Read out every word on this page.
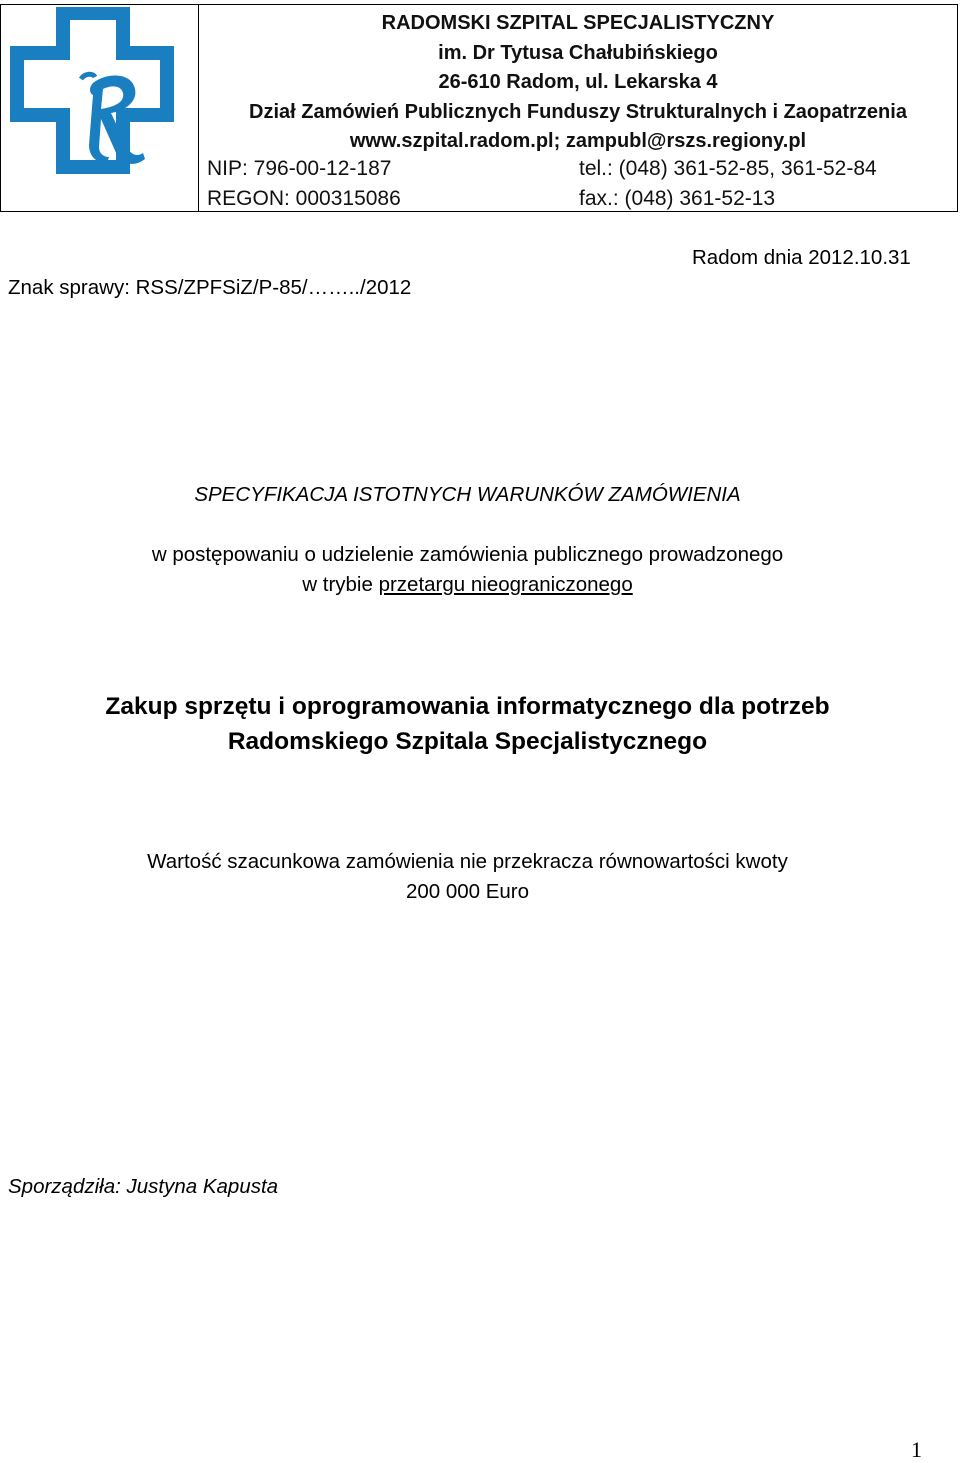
RADOMSKI SZPITAL SPECJALISTYCZNY
im. Dr Tytusa Chałubińskiego
26-610 Radom, ul. Lekarska 4
Dział Zamówień Publicznych Funduszy Strukturalnych i Zaopatrzenia
www.szpital.radom.pl; zampubl@rszs.regiony.pl
NIP: 796-00-12-187	tel.: (048) 361-52-85, 361-52-84
REGON: 000315086	fax.: (048) 361-52-13
Znak sprawy: RSS/ZPFSiZ/P-85/……../2012
Radom dnia 2012.10.31
SPECYFIKACJA ISTOTNYCH WARUNKÓW ZAMÓWIENIA
w postępowaniu o udzielenie zamówienia publicznego prowadzonego
w trybie przetargu nieograniczonego
Zakup sprzętu i oprogramowania informatycznego dla potrzeb
Radomskiego Szpitala Specjalistycznego
Wartość szacunkowa zamówienia nie przekracza równowartości kwoty
200 000 Euro
Sporządziła: Justyna Kapusta
1
